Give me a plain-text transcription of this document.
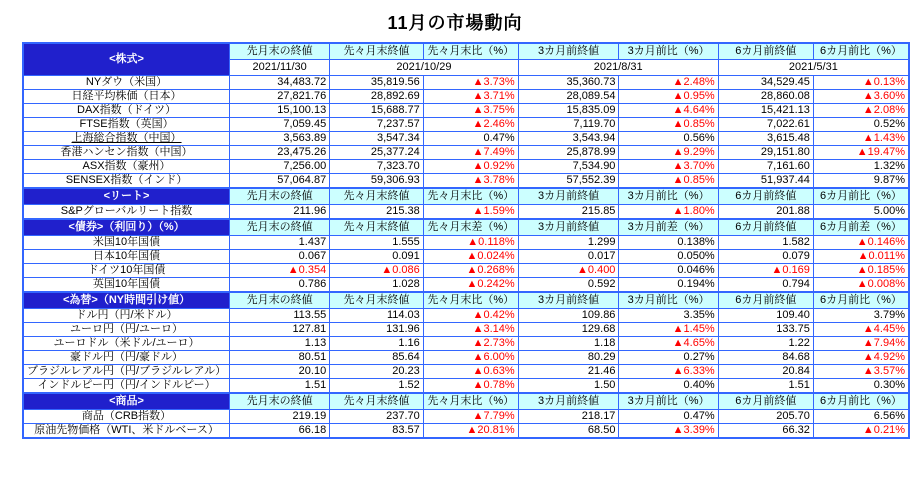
11月の市場動向
<株式>	先月末の終値	先々月末終値	先々月末比（%）	3カ月前終値	3カ月前比（%）	6カ月前終値	6カ月前比（%）
	2021/11/30	2021/10/29		2021/8/31		2021/5/31	
NYダウ（米国）	34,483.72	35,819.56	▲3.73%	35,360.73	▲2.48%	34,529.45	▲0.13%
日経平均株価（日本）	27,821.76	28,892.69	▲3.71%	28,089.54	▲0.95%	28,860.08	▲3.60%
DAX指数（ドイツ）	15,100.13	15,688.77	▲3.75%	15,835.09	▲4.64%	15,421.13	▲2.08%
FTSE指数（英国）	7,059.45	7,237.57	▲2.46%	7,119.70	▲0.85%	7,022.61	0.52%
上海総合指数（中国）	3,563.89	3,547.34	0.47%	3,543.94	0.56%	3,615.48	▲1.43%
香港ハンセン指数（中国）	23,475.26	25,377.24	▲7.49%	25,878.99	▲9.29%	29,151.80	▲19.47%
ASX指数（豪州）	7,256.00	7,323.70	▲0.92%	7,534.90	▲3.70%	7,161.60	1.32%
SENSEX指数（インド）	57,064.87	59,306.93	▲3.78%	57,552.39	▲0.85%	51,937.44	9.87%
<リート>	先月末の終値	先々月末終値	先々月末比（%）	3カ月前終値	3カ月前比（%）	6カ月前終値	6カ月前比（%）
S&Pグローバルリート指数	211.96	215.38	▲1.59%	215.85	▲1.80%	201.88	5.00%
<債券>（利回り）（%）	先月末の終値	先々月末終値	先々月末差（%）	3カ月前終値	3カ月前差（%）	6カ月前終値	6カ月前差（%）
米国10年国債	1.437	1.555	▲0.118%	1.299	0.138%	1.582	▲0.146%
日本10年国債	0.067	0.091	▲0.024%	0.017	0.050%	0.079	▲0.011%
ドイツ10年国債	▲0.354	▲0.086	▲0.268%	▲0.400	0.046%	▲0.169	▲0.185%
英国10年国債	0.786	1.028	▲0.242%	0.592	0.194%	0.794	▲0.008%
<為替>（NY時間引け値）	先月末の終値	先々月末終値	先々月末比（%）	3カ月前終値	3カ月前比（%）	6カ月前終値	6カ月前比（%）
ドル円（円/米ドル）	113.55	114.03	▲0.42%	109.86	3.35%	109.40	3.79%
ユーロ円（円/ユーロ）	127.81	131.96	▲3.14%	129.68	▲1.45%	133.75	▲4.45%
ユーロドル（米ドル/ユーロ）	1.13	1.16	▲2.73%	1.18	▲4.65%	1.22	▲7.94%
豪ドル円（円/豪ドル）	80.51	85.64	▲6.00%	80.29	0.27%	84.68	▲4.92%
ブラジルレアル円（円/ブラジルレアル）	20.10	20.23	▲0.63%	21.46	▲6.33%	20.84	▲3.57%
インドルピー円（円/インドルピー）	1.51	1.52	▲0.78%	1.50	0.40%	1.51	0.30%
<商品>	先月末の終値	先々月末終値	先々月末比（%）	3カ月前終値	3カ月前比（%）	6カ月前終値	6カ月前比（%）
商品（CRB指数）	219.19	237.70	▲7.79%	218.17	0.47%	205.70	6.56%
原油先物価格（WTI、米ドルベース）	66.18	83.57	▲20.81%	68.50	▲3.39%	66.32	▲0.21%
